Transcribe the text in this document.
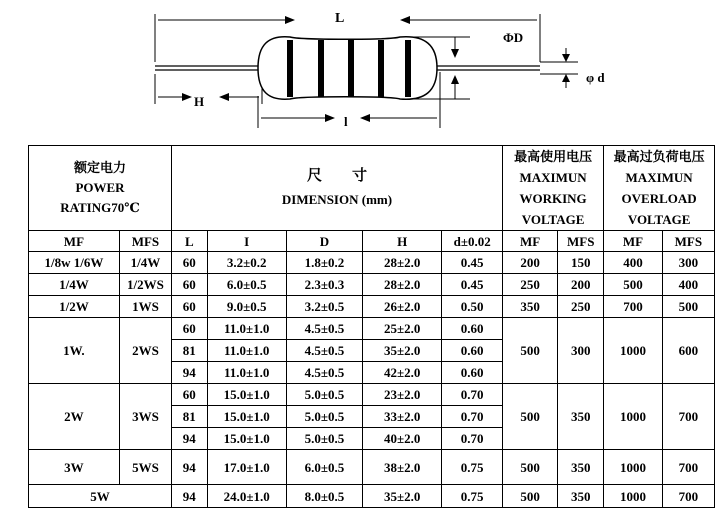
L
H
l
ΦD
φ d
额定电力
POWER
RATING70℃		尺寸
DIMENSION (mm)					最高使用电压
MAXIMUN
WORKING
VOLTAGE		最高过负荷电压
MAXIMUN
OVERLOAD
VOLTAGE	

MF	MFS	L	I	D	H	d±0.02	MF	MFS	MF	MFS
1/8w 1/6W	1/4W	60	3.2±0.2	1.8±0.2	28±2.0	0.45	200	150	400	300
1/4W	1/2WS	60	6.0±0.5	2.3±0.3	28±2.0	0.45	250	200	500	400
1/2W	1WS	60	9.0±0.5	3.2±0.5	26±2.0	0.50	350	250	700	500
1W.	2WS	60	11.0±1.0	4.5±0.5	25±2.0	0.60	500	300	1000	600
		81	11.0±1.0	4.5±0.5	35±2.0	0.60				
		94	11.0±1.0	4.5±0.5	42±2.0	0.60				
2W	3WS	60	15.0±1.0	5.0±0.5	23±2.0	0.70	500	350	1000	700
		81	15.0±1.0	5.0±0.5	33±2.0	0.70				
		94	15.0±1.0	5.0±0.5	40±2.0	0.70				
3W	5WS	94	17.0±1.0	6.0±0.5	38±2.0	0.75	500	350	1000	700
5W		94	24.0±1.0	8.0±0.5	35±2.0	0.75	500	350	1000	700
